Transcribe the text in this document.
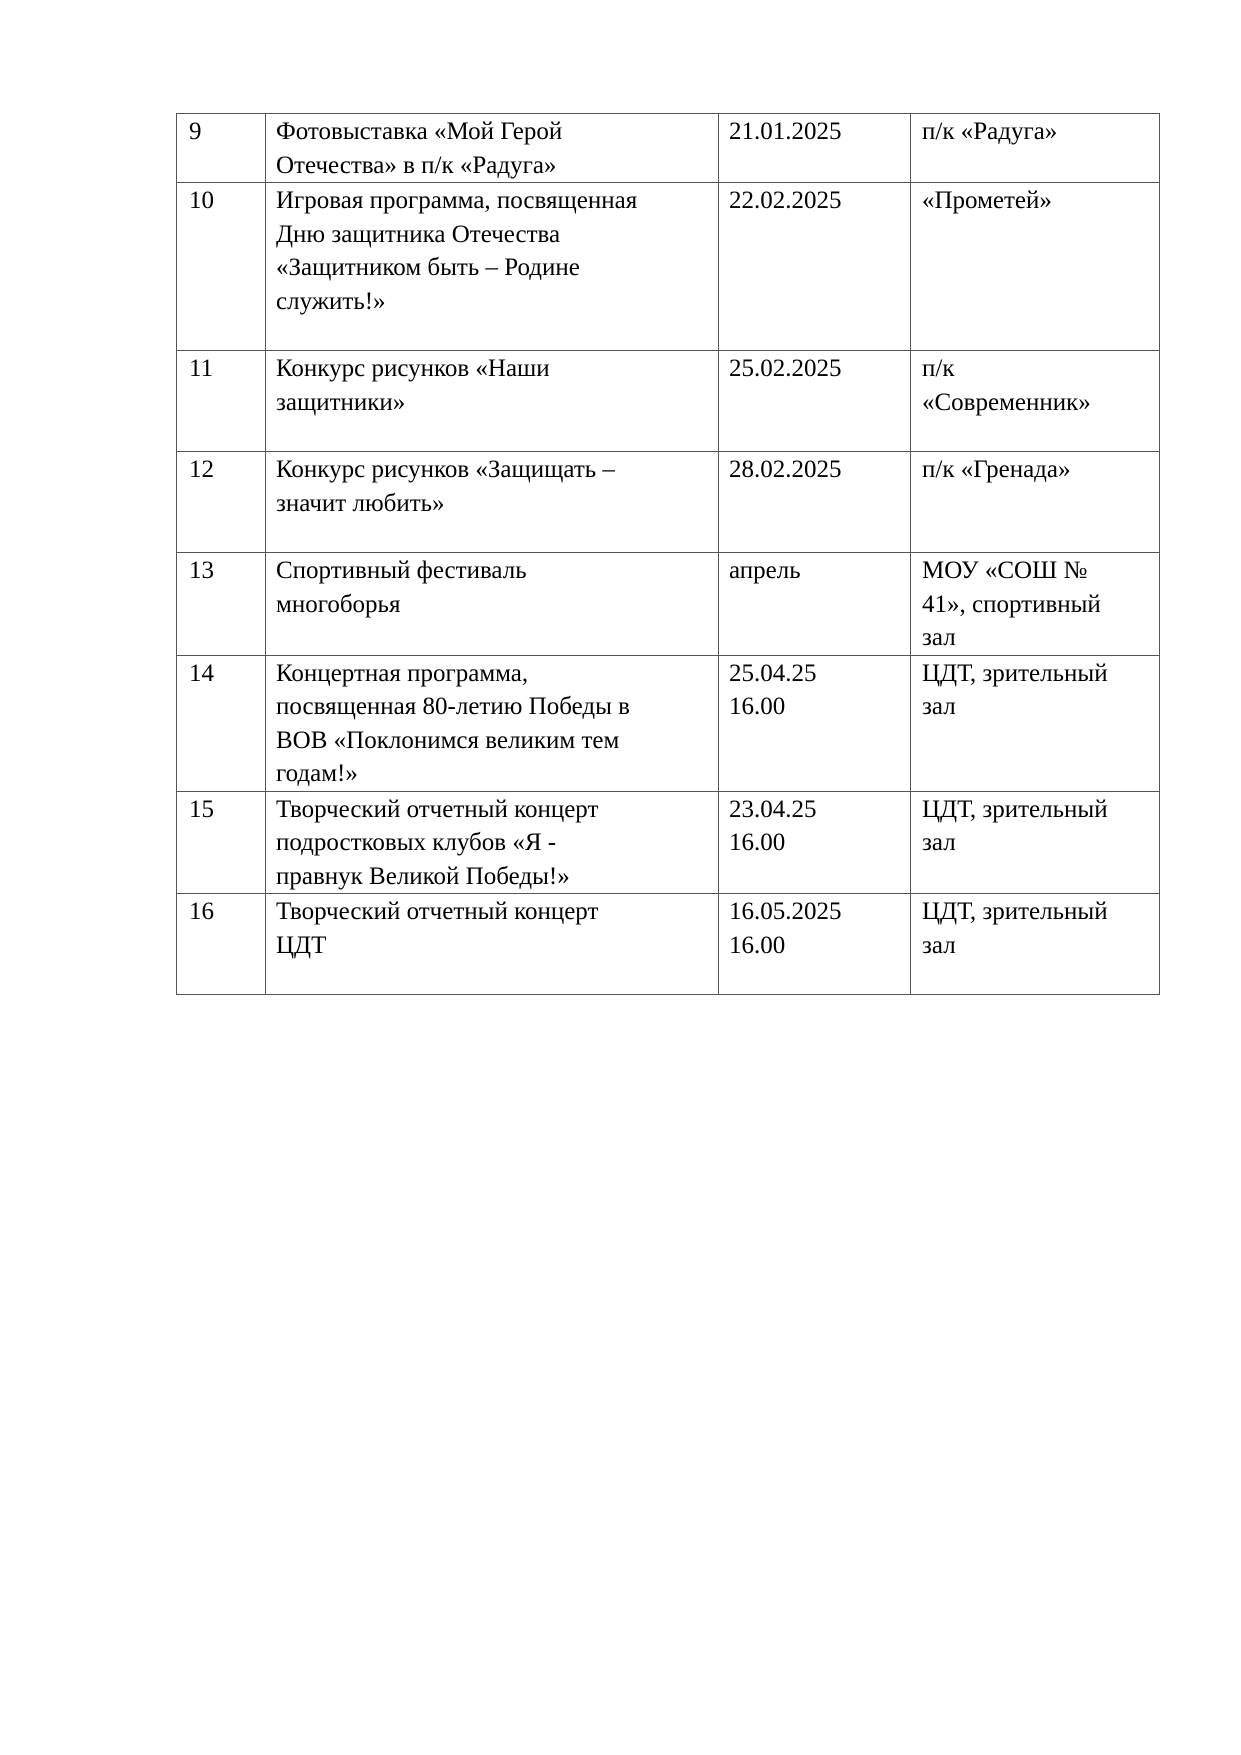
9	Фотовыставка «Мой Герой
Отечества» в п/к «Радуга»	21.01.2025	п/к «Радуга»

10	Игровая программа, посвященная
Дню защитника Отечества
«Защитником быть – Родине
служить!»	22.02.2025	«Прометей»

11	Конкурс рисунков «Наши
защитники»	25.02.2025	п/к
«Современник»

12	Конкурс рисунков «Защищать –
значит любить»	28.02.2025	п/к «Гренада»

13	Спортивный фестиваль
многоборья	апрель	МОУ «СОШ №
41», спортивный
зал

14	Концертная программа,
посвященная 80-летию Победы в
ВОВ «Поклонимся великим тем
годам!»	25.04.25
16.00	ЦДТ, зрительный
зал

15	Творческий отчетный концерт
подростковых клубов «Я -
правнук Великой Победы!»	23.04.25
16.00	ЦДТ, зрительный
зал

16	Творческий отчетный концерт
ЦДТ	16.05.2025
16.00	ЦДТ, зрительный
зал
